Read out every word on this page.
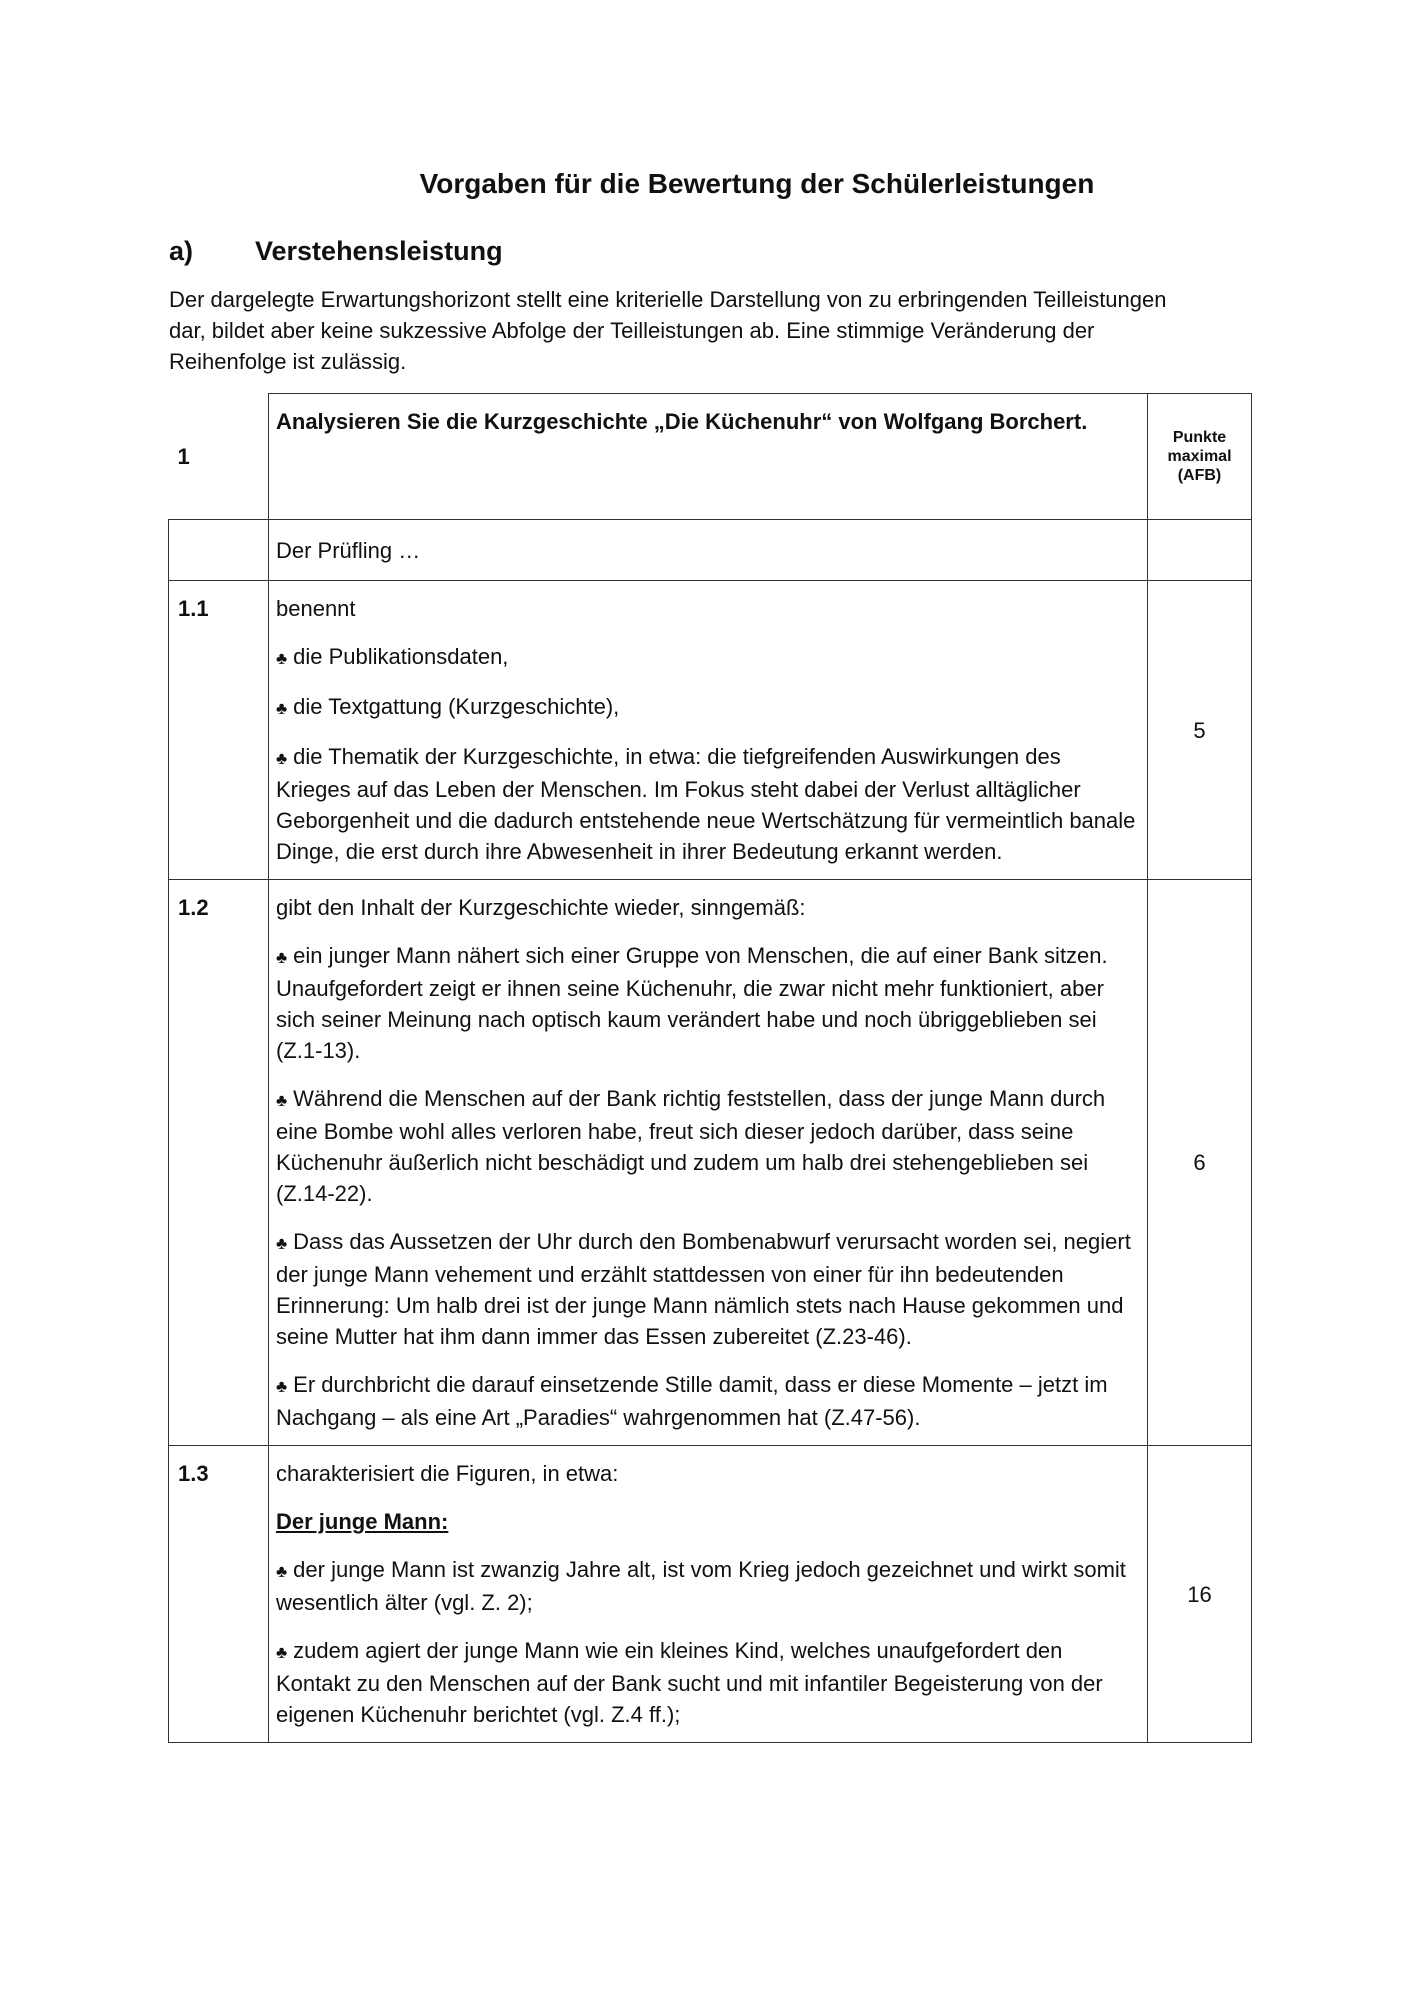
Vorgaben für die Bewertung der Schülerleistungen
a) Verstehensleistung
Der dargelegte Erwartungshorizont stellt eine kriterielle Darstellung von zu erbringenden Teilleistungen dar, bildet aber keine sukzessive Abfolge der Teilleistungen ab. Eine stimmige Veränderung der Reihenfolge ist zulässig.
1	Analysieren Sie die Kurzgeschichte „Die Küchenuhr“ von Wolfgang Borchert.	Punkte
maximal
(AFB)

	Der Prüfling …	
1.1	benennt

♣ die Publikationsdaten,

♣ die Textgattung (Kurzgeschichte),

♣ die Thematik der Kurzgeschichte, in etwa: die tiefgreifenden Auswirkungen des Krieges auf das Leben der Menschen. Im Fokus steht dabei der Verlust alltäglicher Geborgenheit und die dadurch entstehende neue Wertschätzung für vermeintlich banale Dinge, die erst durch ihre Abwesenheit in ihrer Bedeutung erkannt werden.	5
1.2	gibt den Inhalt der Kurzgeschichte wieder, sinngemäß:

♣ ein junger Mann nähert sich einer Gruppe von Menschen, die auf einer Bank sitzen. Unaufgefordert zeigt er ihnen seine Küchenuhr, die zwar nicht mehr funktioniert, aber sich seiner Meinung nach optisch kaum verändert habe und noch übriggeblieben sei (Z.1-13).

♣ Während die Menschen auf der Bank richtig feststellen, dass der junge Mann durch eine Bombe wohl alles verloren habe, freut sich dieser jedoch darüber, dass seine Küchenuhr äußerlich nicht beschädigt und zudem um halb drei stehengeblieben sei (Z.14-22).

♣ Dass das Aussetzen der Uhr durch den Bombenabwurf verursacht worden sei, negiert der junge Mann vehement und erzählt stattdessen von einer für ihn bedeutenden Erinnerung: Um halb drei ist der junge Mann nämlich stets nach Hause gekommen und seine Mutter hat ihm dann immer das Essen zubereitet (Z.23-46).

♣ Er durchbricht die darauf einsetzende Stille damit, dass er diese Momente – jetzt im Nachgang – als eine Art „Paradies“ wahrgenommen hat (Z.47-56).	6
1.3	charakterisiert die Figuren, in etwa:

Der junge Mann:

♣ der junge Mann ist zwanzig Jahre alt, ist vom Krieg jedoch gezeichnet und wirkt somit wesentlich älter (vgl. Z. 2);

♣ zudem agiert der junge Mann wie ein kleines Kind, welches unaufgefordert den Kontakt zu den Menschen auf der Bank sucht und mit infantiler Begeisterung von der eigenen Küchenuhr berichtet (vgl. Z.4 ff.);	16
